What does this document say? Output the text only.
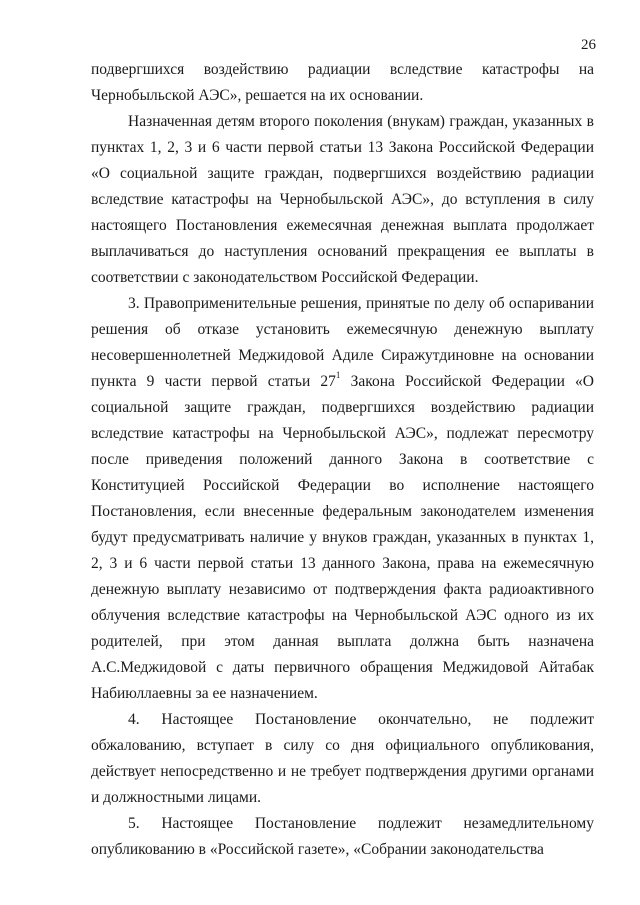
26

подвергшихся воздействию радиации вследствие катастрофы на Чернобыльской АЭС», решается на их основании.

Назначенная детям второго поколения (внукам) граждан, указанных в пунктах 1, 2, 3 и 6 части первой статьи 13 Закона Российской Федерации «О социальной защите граждан, подвергшихся воздействию радиации вследствие катастрофы на Чернобыльской АЭС», до вступления в силу настоящего Постановления ежемесячная денежная выплата продолжает выплачиваться до наступления оснований прекращения ее выплаты в соответствии с законодательством Российской Федерации.

3. Правоприменительные решения, принятые по делу об оспаривании решения об отказе установить ежемесячную денежную выплату несовершеннолетней Меджидовой Адиле Сиражутдиновне на основании пункта 9 части первой статьи $27^1$ Закона Российской Федерации «О социальной защите граждан, подвергшихся воздействию радиации вследствие катастрофы на Чернобыльской АЭС», подлежат пересмотру после приведения положений данного Закона в соответствие с Конституцией Российской Федерации во исполнение настоящего Постановления, если внесенные федеральным законодателем изменения будут предусматривать наличие у внуков граждан, указанных в пунктах 1, 2, 3 и 6 части первой статьи 13 данного Закона, права на ежемесячную денежную выплату независимо от подтверждения факта радиоактивного облучения вследствие катастрофы на Чернобыльской АЭС одного из их родителей, при этом данная выплата должна быть назначена А.С.Меджидовой с даты первичного обращения Меджидовой Айтабак Набиюллаевны за ее назначением.

4. Настоящее Постановление окончательно, не подлежит обжалованию, вступает в силу со дня официального опубликования, действует непосредственно и не требует подтверждения другими органами и должностными лицами.

5. Настоящее Постановление подлежит незамедлительному опубликованию в «Российской газете», «Собрании законодательства
